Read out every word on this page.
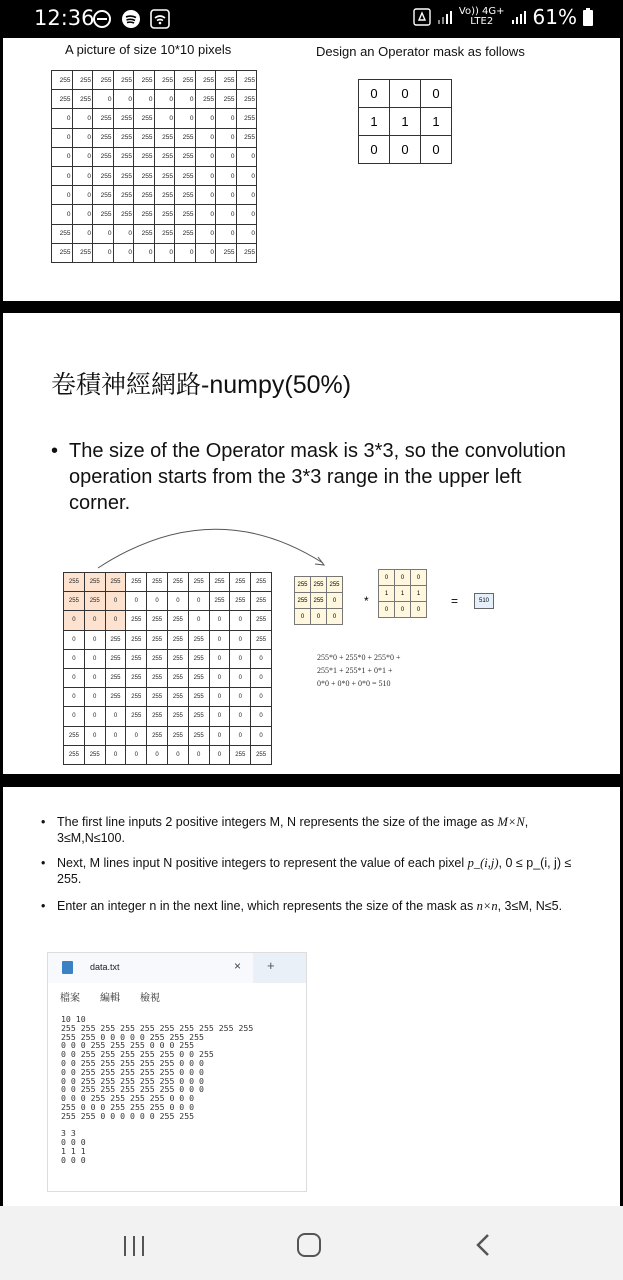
12:36	Vo)) 4G+
LTE2	61%
A picture of size 10*10 pixels	Design an Operator mask as follows
255	255	255	255	255	255	255	255	255	255
255	255	0	0	0	0	0	255	255	255
0	0	255	255	255	0	0	0	0	255
0	0	255	255	255	255	255	0	0	255
0	0	255	255	255	255	255	0	0	0
0	0	255	255	255	255	255	0	0	0
0	0	255	255	255	255	255	0	0	0
0	0	255	255	255	255	255	0	0	0
255	0	0	0	255	255	255	0	0	0
255	255	0	0	0	0	0	0	255	255
0	0	0
1	1	1
0	0	0
卷積神經網路-numpy(50%)
• The size of the Operator mask is 3*3, so the convolution operation starts from the 3*3 range in the upper left corner.
255	255	255	255	255	255	255	255	255	255
255	255	0	0	0	0	0	255	255	255
0	0	0	255	255	255	0	0	0	255
0	0	255	255	255	255	255	0	0	255
0	0	255	255	255	255	255	0	0	0
0	0	255	255	255	255	255	0	0	0
0	0	255	255	255	255	255	0	0	0
0	0	0	255	255	255	255	0	0	0
255	0	0	0	255	255	255	0	0	0
255	255	0	0	0	0	0	0	255	255
255	255	255
255	255	0
0	0	0
*
0	0	0
1	1	1
0	0	0
=	510
255*0 + 255*0 + 255*0 +
255*1 + 255*1 + 0*1 +
0*0 + 0*0 + 0*0 = 510
• The first line inputs 2 positive integers M, N represents the size of the image as M×N, 3≤M,N≤100.
• Next, M lines input N positive integers to represent the value of each pixel p_(i,j), 0 ≤ p_(i, j) ≤ 255.
• Enter an integer n in the next line, which represents the size of the mask as n×n, 3≤M, N≤5.
data.txt	× +
檔案 編輯 檢視
10 10
255 255 255 255 255 255 255 255 255 255
255 255 0 0 0 0 0 255 255 255
0 0 0 255 255 255 0 0 0 255
0 0 255 255 255 255 255 0 0 255
0 0 255 255 255 255 255 0 0 0
0 0 255 255 255 255 255 0 0 0
0 0 255 255 255 255 255 0 0 0
0 0 255 255 255 255 255 0 0 0
0 0 0 255 255 255 255 0 0 0
255 0 0 0 255 255 255 0 0 0
255 255 0 0 0 0 0 0 255 255

3 3
0 0 0
1 1 1
0 0 0
